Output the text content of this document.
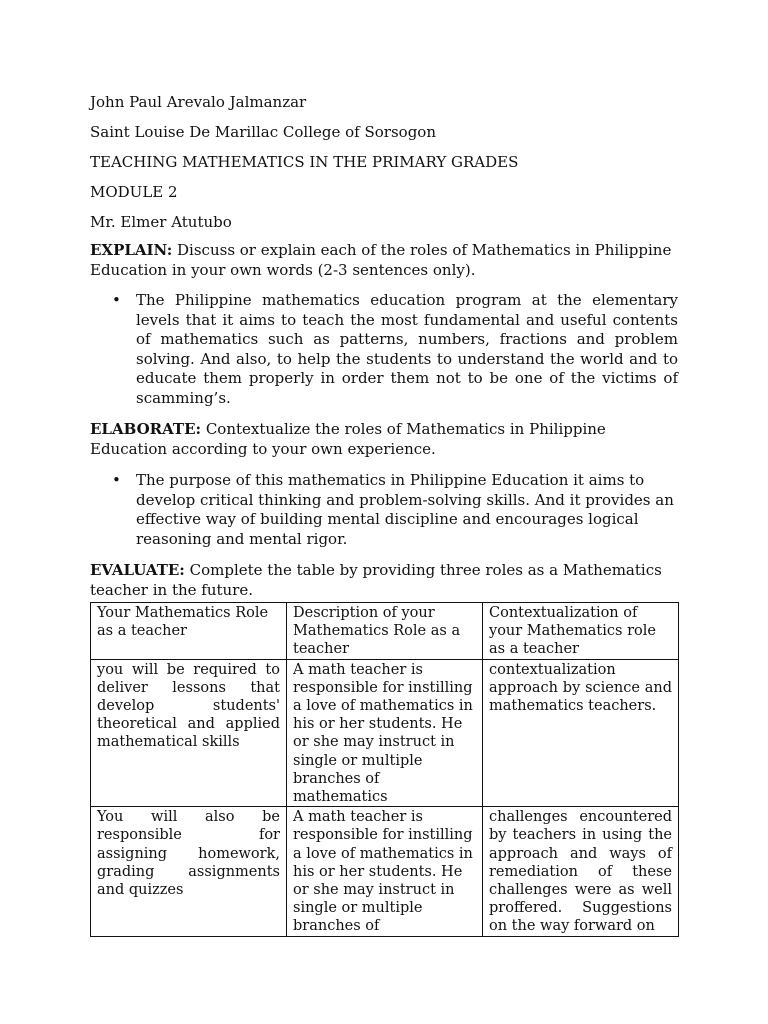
John Paul Arevalo Jalmanzar

Saint Louise De Marillac College of Sorsogon

TEACHING MATHEMATICS IN THE PRIMARY GRADES

MODULE 2

Mr. Elmer Atutubo

EXPLAIN: Discuss or explain each of the roles of Mathematics in Philippine Education in your own words (2-3 sentences only).

• The Philippine mathematics education program at the elementary levels that it aims to teach the most fundamental and useful contents of mathematics such as patterns, numbers, fractions and problem solving. And also, to help the students to understand the world and to educate them properly in order them not to be one of the victims of scamming’s.

ELABORATE: Contextualize the roles of Mathematics in Philippine Education according to your own experience.

• The purpose of this mathematics in Philippine Education it aims to develop critical thinking and problem-solving skills. And it provides an effective way of building mental discipline and encourages logical reasoning and mental rigor.

EVALUATE: Complete the table by providing three roles as a Mathematics teacher in the future.

Your Mathematics Role as a teacher	Description of your Mathematics Role as a teacher	Contextualization of your Mathematics role as a teacher
you will be required to deliver lessons that develop students' theoretical and applied mathematical skills	A math teacher is responsible for instilling a love of mathematics in his or her students. He or she may instruct in single or multiple branches of mathematics	contextualization approach by science and mathematics teachers.
You will also be responsible for assigning homework, grading assignments and quizzes	A math teacher is responsible for instilling a love of mathematics in his or her students. He or she may instruct in single or multiple branches of	challenges encountered by teachers in using the approach and ways of remediation of these challenges were as well proffered. Suggestions on the way forward on
